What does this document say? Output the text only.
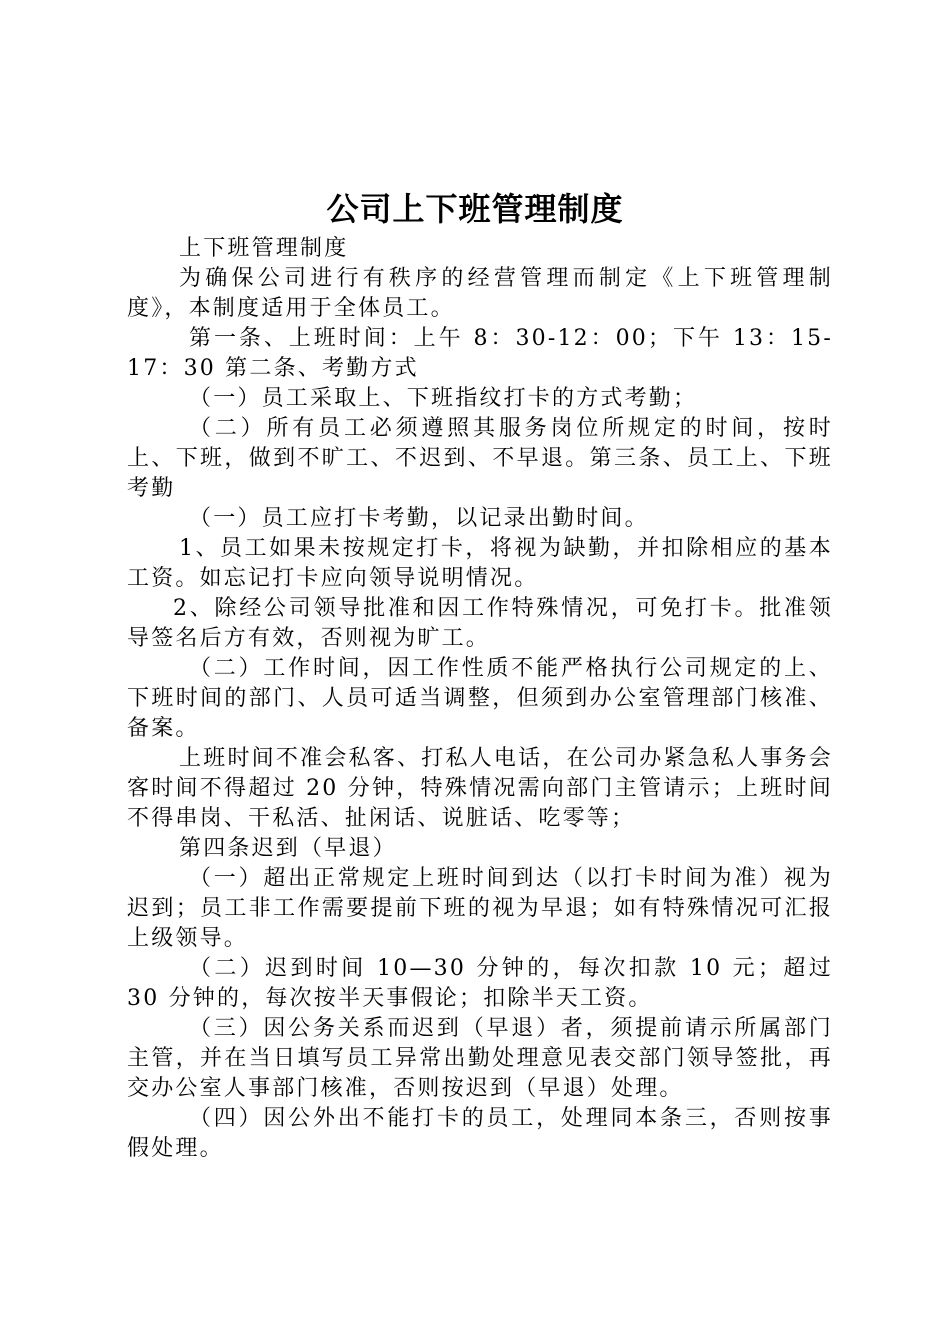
公司上下班管理制度

上下班管理制度

为确保公司进行有秩序的经营管理而制定《上下班管理制度》，本制度适用于全体员工。

第一条、上班时间：上午 8：30-12：00；下午 13：15-17：30 第二条、考勤方式

（一）员工采取上、下班指纹打卡的方式考勤；

（二）所有员工必须遵照其服务岗位所规定的时间，按时上、下班，做到不旷工、不迟到、不早退。第三条、员工上、下班考勤

（一）员工应打卡考勤，以记录出勤时间。

1、员工如果未按规定打卡，将视为缺勤，并扣除相应的基本工资。如忘记打卡应向领导说明情况。

2、除经公司领导批准和因工作特殊情况，可免打卡。批准领导签名后方有效，否则视为旷工。

（二）工作时间，因工作性质不能严格执行公司规定的上、下班时间的部门、人员可适当调整，但须到办公室管理部门核准、备案。

上班时间不准会私客、打私人电话，在公司办紧急私人事务会客时间不得超过 20 分钟，特殊情况需向部门主管请示；上班时间不得串岗、干私活、扯闲话、说脏话、吃零等；

第四条迟到（早退）

（一）超出正常规定上班时间到达（以打卡时间为准）视为迟到；员工非工作需要提前下班的视为早退；如有特殊情况可汇报上级领导。

（二）迟到时间 10—30 分钟的，每次扣款 10 元；超过 30 分钟的，每次按半天事假论；扣除半天工资。

（三）因公务关系而迟到（早退）者，须提前请示所属部门主管，并在当日填写员工异常出勤处理意见表交部门领导签批，再交办公室人事部门核准，否则按迟到（早退）处理。

（四）因公外出不能打卡的员工，处理同本条三，否则按事假处理。
